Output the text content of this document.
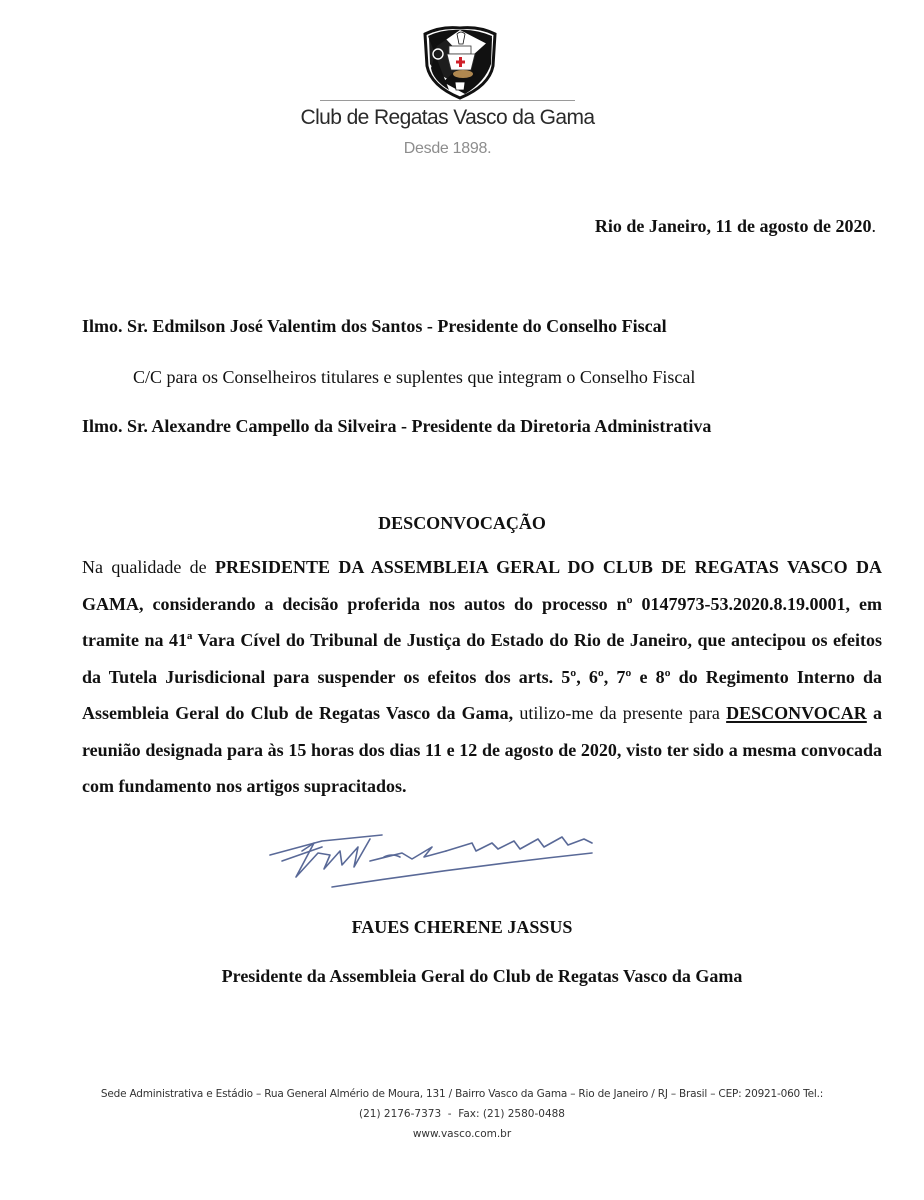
Club de Regatas Vasco da Gama
Desde 1898.
Rio de Janeiro, 11 de agosto de 2020.
Ilmo. Sr. Edmilson José Valentim dos Santos - Presidente do Conselho Fiscal
C/C para os Conselheiros titulares e suplentes que integram o Conselho Fiscal
Ilmo. Sr. Alexandre Campello da Silveira - Presidente da Diretoria Administrativa
DESCONVOCAÇÃO
Na qualidade de PRESIDENTE DA ASSEMBLEIA GERAL DO CLUB DE REGATAS VASCO DA GAMA, considerando a decisão proferida nos autos do processo nº 0147973-53.2020.8.19.0001, em tramite na 41ª Vara Cível do Tribunal de Justiça do Estado do Rio de Janeiro, que antecipou os efeitos da Tutela Jurisdicional para suspender os efeitos dos arts. 5º, 6º, 7º e 8º do Regimento Interno da Assembleia Geral do Club de Regatas Vasco da Gama, utilizo-me da presente para DESCONVOCAR a reunião designada para às 15 horas dos dias 11 e 12 de agosto de 2020, visto ter sido a mesma convocada com fundamento nos artigos supracitados.
FAUES CHERENE JASSUS
Presidente da Assembleia Geral do Club de Regatas Vasco da Gama
Sede Administrativa e Estádio – Rua General Almério de Moura, 131 / Bairro Vasco da Gama – Rio de Janeiro / RJ – Brasil – CEP: 20921-060 Tel.:
(21) 2176-7373  -  Fax: (21) 2580-0488
www.vasco.com.br
